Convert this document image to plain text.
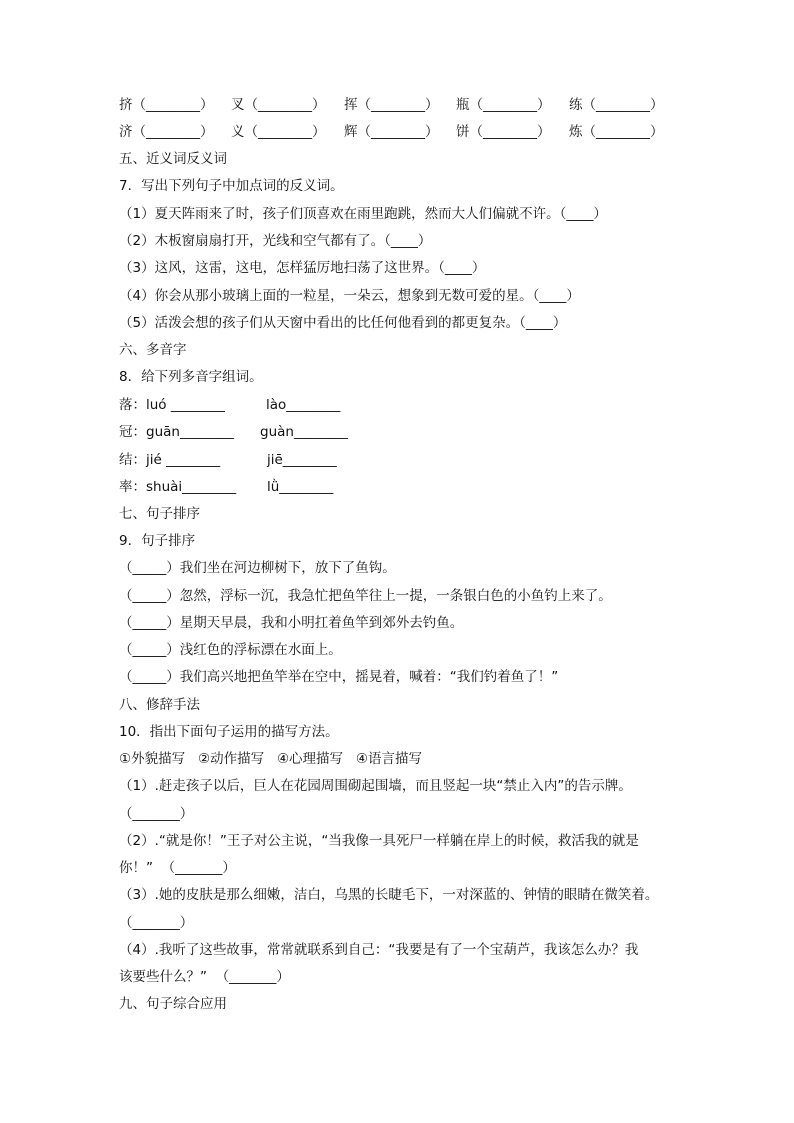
挤（________） 叉（________） 挥（________） 瓶（________） 练（________）
济（________） 义（________） 辉（________） 饼（________） 炼（________）
五、近义词反义词
7．写出下列句子中加点词的反义词。
（1）夏天阵雨来了时，孩子们顶喜欢在雨里跑跳，然而大人们偏就不许。（____）
（2）木板窗扇扇打开，光线和空气都有了。（____）
（3）这风，这雷，这电，怎样猛厉地扫荡了这世界。（____）
（4）你会从那小玻璃上面的一粒星，一朵云，想象到无数可爱的星。（____）
（5）活泼会想的孩子们从天窗中看出的比任何他看到的都更复杂。（____）
六、多音字
8．给下列多音字组词。
落：luó ________	lào________
冠：guān________ guàn________
结：jié ________	jiē________
率：shuài________ lǜ________
七、句子排序
9．句子排序
（_____）我们坐在河边柳树下，放下了鱼钩。
（_____）忽然，浮标一沉，我急忙把鱼竿往上一提，一条银白色的小鱼钓上来了。
（_____）星期天早晨，我和小明扛着鱼竿到郊外去钓鱼。
（_____）浅红色的浮标漂在水面上。
（_____）我们高兴地把鱼竿举在空中，摇晃着，喊着：“我们钓着鱼了！”
八、修辞手法
10．指出下面句子运用的描写方法。
①外貌描写   ②动作描写   ④心理描写   ④语言描写
（1）.赶走孩子以后，巨人在花园周围砌起围墙，而且竖起一块“禁止入内”的告示牌。
（_______）
（2）.“就是你！”王子对公主说，“当我像一具死尸一样躺在岸上的时候，救活我的就是
你！”  （_______）
（3）.她的皮肤是那么细嫩，洁白，乌黑的长睫毛下，一对深蓝的、钟情的眼睛在微笑着。
（_______）
（4）.我听了这些故事，常常就联系到自己：“我要是有了一个宝葫芦，我该怎么办？我
该要些什么？”  （_______）
九、句子综合应用
